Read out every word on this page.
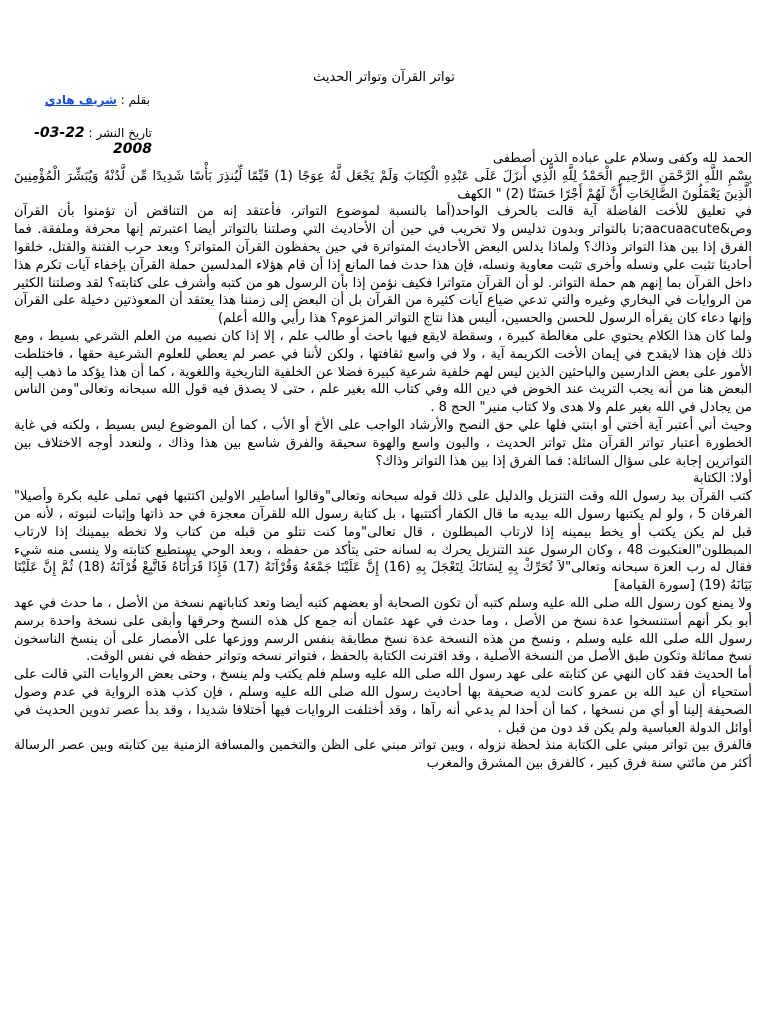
تواتر القرآن وتواتر الحديث
بقلم : شريف هادي
تاريخ النشر : 22-03-2008

الحمد لله وكفى وسلام على عباده الذين أصطفى

بِسْمِ اللَّهِ الرَّحْمَنِ الرَّحِيمِ الْحَمْدُ لِلَّهِ الَّذِي أَنزَلَ عَلَى عَبْدِهِ الْكِتَابَ وَلَمْ يَجْعَل لَّهُ عِوَجًا (1) قَيِّمًا لِّيُنذِرَ بَأْسًا شَدِيدًا مِّن لَّدُنْهُ وَيُبَشِّرَ الْمُؤْمِنِينَ الَّذِينَ يَعْمَلُونَ الصَّالِحَاتِ أَنَّ لَهُمْ أَجْرًا حَسَنًا (2) " الكهف

في تعليق للأخت الفاضلة آية قالت بالحرف الواحد(أما بالنسبة لموضوع التواتر، فأعتقد إنه من التناقض أن تؤمنوا بأن القرآن وص&aacuaacute;نا بالتواتر وبدون تدليس ولا تخريب في حين أن الأحاديث التي وصلتنا بالتواتر أيضا اعتبرتم إنها محرفة وملفقة. فما الفرق إذا بين هذا التواتر وذاك؟ ولماذا يدلس البعض الأحاديث المتواترة في حين يحفظون القرآن المتواتر؟ وبعد حرب الفتنة والقتل، خلقوا أحاديثا تثبت علي ونسله وأخرى تثبت معاوية ونسله، فإن هذا حدث فما المانع إذا أن قام هؤلاء المدلسين حملة القرآن بإخفاء آيات تكرم هذا داخل القرآن بما إنهم هم حملة التواتر. لو أن القرآن متواترا فكيف نؤمن إذا بأن الرسول هو من كتبه وأشرف على كتابته؟ لقد وصلتنا الكثير من الروايات في البخاري وغيره والتي تدعي ضياع آيات كثيرة من القرآن بل أن البعض إلى زمننا هذا يعتقد أن المعوذتين دخيلة على القرآن وإنها دعاء كان يقرأه الرسول للحسن والحسين، أليس هذا نتاج التواتر المزعوم؟ هذا رأيي والله أعلم)

ولما كان هذا الكلام يحتوي على مغالطة كبيرة ، وسقطة لايقع فيها باحث أو طالب علم ، إلا إذا كان نصيبه من العلم الشرعي بسيط ، ومع ذلك فإن هذا لايقدح في إيمان الأخت الكريمة آية ، ولا في واسع ثقافتها ، ولكن لأننا في عصر لم يعطي للعلوم الشرعية حقها ، فاختلطت الأمور على بعض الدارسين والباحثين الذين ليس لهم خلفية شرعية كبيرة فضلا عن الخلفية التاريخية واللغوية ، كما أن هذا يؤكد ما ذهب إليه البعض هنا من أنه يجب التريث عند الخوض في دين الله وفي كتاب الله بغير علم ، حتى لا يصدق فيه قول الله سبحانه وتعالى"ومن الناس من يجادل في الله بغير علم ولا هدى ولا كتاب منير" الحج 8 .

وحيث أني أعتبر آية أختي أو ابنتي فلها علي حق النصح والأرشاد الواجب على الأخ أو الأب ، كما أن الموضوع ليس بسيط ، ولكنه في غاية الخطورة أعتبار تواتر القرآن مثل تواتر الحديث ، والبون واسع والهوة سحيقة والفرق شاسع بين هذا وذاك ، ولنعدد أوجه الاختلاف بين التواترين إجابة على سؤال السائلة: فما الفرق إذا بين هذا التواتر وذاك؟

أولا: الكتابة

كتب القرآن بيد رسول الله وقت التنزيل والدليل على ذلك قوله سبحانه وتعالى"وقالوا أساطير الاولين اكتتبها فهي تملى عليه بكرة وأصيلا" الفرقان 5 ، ولو لم يكتبها رسول الله بيديه ما قال الكفار أكتتبها ، بل كتابة رسول الله للقرآن معجزة في حد ذاتها وإثبات لنبوته ، لأنه من قبل لم يكن يكتب أو يخط بيمينه إذا لارتاب المبطلون ، قال تعالى"وما كنت تتلو من قبله من كتاب ولا تخطه بيمينك إذا لارتاب المبطلون"العنكبوت 48 ، وكان الرسول عند التنزيل يحرك به لسانه حتى يتأكد من حفظه ، وبعد الوحي يستطيع كتابته ولا ينسى منه شيء فقال له رب العزة سبحانه وتعالى"لاَ تُحَرِّكْ بِهِ لِسَانَكَ لِتَعْجَلَ بِهِ (16) إِنَّ عَلَيْنَا جَمْعَهُ وَقُرْآنَهُ (17) فَإِذَا قَرَأْنَاهُ فَاتَّبِعْ قُرْآنَهُ (18) ثُمَّ إِنَّ عَلَيْنَا بَيَانَهُ (19) [سورة القيامة]

ولا يمنع كون رسول الله صلى الله عليه وسلم كتبه أن تكون الصحابة أو بعضهم كتبه أيضا وتعد كتاباتهم نسخة من الأصل ، ما حدث في عهد أبو بكر أنهم أستنسخوا عدة نسخ من الأصل ، وما حدث في عهد عثمان أنه جمع كل هذه النسخ وحرقها وأبقى على نسخة واحدة برسم رسول الله صلى الله عليه وسلم ، ونسخ من هذه النسخة عدة نسخ مطابقة بنفس الرسم ووزعها على الأمصار على أن ينسخ الناسخون نسخ مماثلة وتكون طبق الأصل من النسخة الأصلية ، وقد اقترنت الكتابة بالحفظ ، فتواتر نسخه وتواتر حفظه في نفس الوقت.

أما الحديث فقد كان النهي عن كتابته على عهد رسول الله صلى الله عليه وسلم فلم يكتب ولم ينسخ ، وحتى بعض الروايات التي قالت على أستحياء أن عبد الله بن عمرو كانت لديه صحيفة بها أحاديث رسول الله صلى الله عليه وسلم ، فإن كذب هذه الرواية في عدم وصول الصحيفة إلينا أو أي من نسخها ، كما أن أحدا لم يدعي أنه رآها ، وقد أختلفت الروايات فيها أختلافا شديدا ، وقد بدأ عصر تدوين الحديث في أوائل الدولة العباسية ولم يكن قد دون من قبل .

فالفرق بين تواتر مبني على الكتابة منذ لحظة نزوله ، وبين تواتر مبني على الظن والتخمين والمسافة الزمنية بين كتابته وبين عصر الرسالة أكثر من مائتي سنة فرق كبير ، كالفرق بين المشرق والمغرب
